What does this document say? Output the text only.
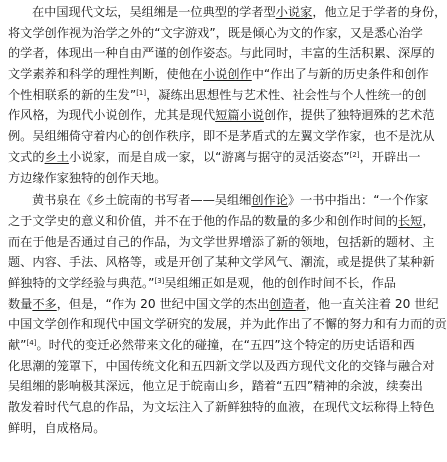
在中国现代文坛，吴组缃是一位典型的学者型小说家，他立足于学者的身份，
将文学创作视为治学之外的“文字游戏”，既是倾心为文的作家，又是悉心治学
的学者，体现出一种自由严谨的创作姿态。与此同时，丰富的生活积累、深厚的
文学素养和科学的理性判断，使他在小说创作中“作出了与新的历史条件和创作
个性相联系的新的生发”[1]，凝练出思想性与艺术性、社会性与个人性统一的创
作风格，为现代小说创作，尤其是现代短篇小说创作，提供了独特迥殊的艺术范
例。吴组缃倚守着内心的创作秩序，即不是茅盾式的左翼文学作家，也不是沈从
文式的乡土小说家，而是自成一家，以“游离与据守的灵活姿态”[2]，开辟出一
方边缘作家独特的创作天地。
黄书泉在《乡土皖南的书写者——吴组缃创作论》一书中指出：“一个作家
之于文学史的意义和价值，并不在于他的作品的数量的多少和创作时间的长短，
而在于他是否通过自己的作品，为文学世界增添了新的领地，包括新的题材、主
题、内容、手法、风格等，或是开创了某种文学风气、潮流，或是提供了某种新
鲜独特的文学经验与典范。”[3]吴组缃正如是观，他的创作时间不长，作品
数量不多，但是，“作为 20 世纪中国文学的杰出创造者，他一直关注着 20 世纪
中国文学创作和现代中国文学研究的发展，并为此作出了不懈的努力和有力而的贡
献”[4]。时代的变迁必然带来文化的碰撞，在“五四”这个特定的历史话语和西
化思潮的笼罩下，中国传统文化和五四新文学以及西方现代文化的交锋与融合对
吴组缃的影响极其深远，他立足于皖南山乡，踏着“五四”精神的余波，续奏出
散发着时代气息的作品，为文坛注入了新鲜独特的血液，在现代文坛称得上特色
鲜明，自成格局。
